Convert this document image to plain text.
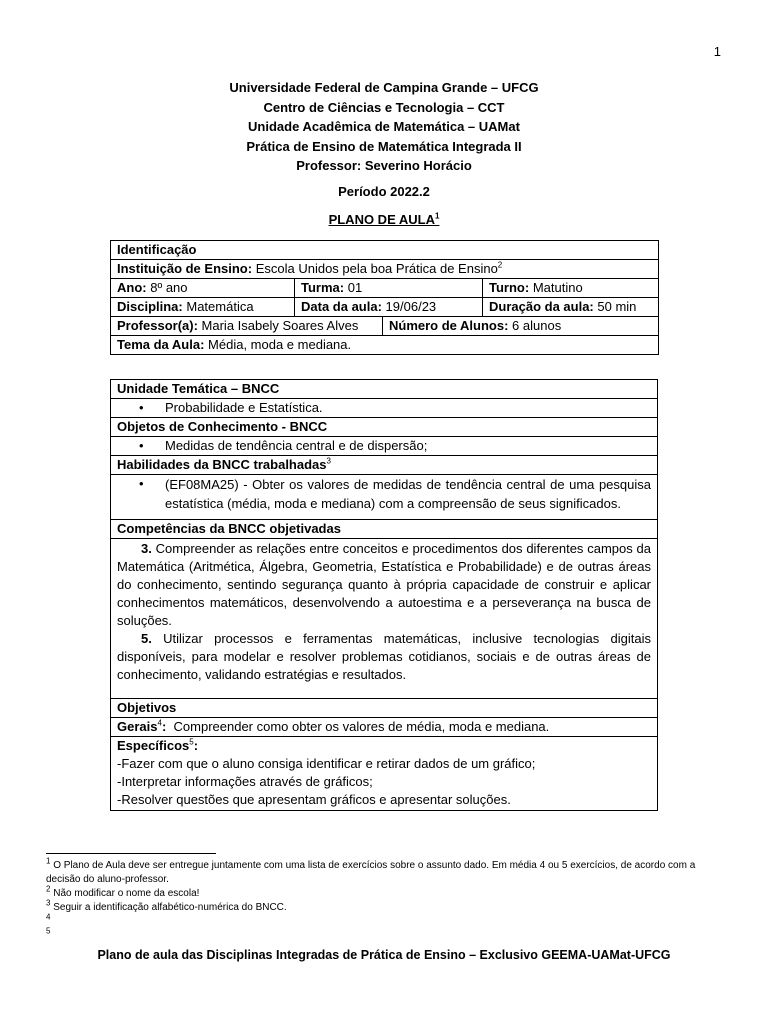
1
Universidade Federal de Campina Grande – UFCG
Centro de Ciências e Tecnologia – CCT
Unidade Acadêmica de Matemática – UAMat
Prática de Ensino de Matemática Integrada II
Professor: Severino Horácio
Período 2022.2
PLANO DE AULA$^1$
Identificação			
Instituição de Ensino: Escola Unidos pela boa Prática de Ensino$^2$
Ano: 8º ano	Turma: 01		Turno: Matutino
Disciplina: Matemática	Data da aula: 19/06/23		Duração da aula: 50 min
Professor(a): Maria Isabely Soares Alves		Número de Alunos: 6 alunos	
Tema da Aula: Média, moda e mediana.			
Unidade Temática – BNCC

• Probabilidade e Estatística.

Objetos de Conhecimento - BNCC

• Medidas de tendência central e de dispersão;

Habilidades da BNCC trabalhadas$^3$

• (EF08MA25) - Obter os valores de medidas de tendência central de uma pesquisa estatística (média, moda e mediana) com a compreensão de seus significados.

Competências da BNCC objetivadas

3. Compreender as relações entre conceitos e procedimentos dos diferentes campos da Matemática (Aritmética, Álgebra, Geometria, Estatística e Probabilidade) e de outras áreas do conhecimento, sentindo segurança quanto à própria capacidade de construir e aplicar conhecimentos matemáticos, desenvolvendo a autoestima e a perseverança na busca de soluções.
5. Utilizar processos e ferramentas matemáticas, inclusive tecnologias digitais disponíveis, para modelar e resolver problemas cotidianos, sociais e de outras áreas de conhecimento, validando estratégias e resultados.

Objetivos
Gerais$^4$: Compreender como obter os valores de média, moda e mediana.

Específicos$^5$:
-Fazer com que o aluno consiga identificar e retirar dados de um gráfico;
-Interpretar informações através de gráficos;
-Resolver questões que apresentam gráficos e apresentar soluções.
$^1$ O Plano de Aula deve ser entregue juntamente com uma lista de exercícios sobre o assunto dado. Em média 4 ou 5 exercícios, de acordo com a decisão do aluno-professor.
$^2$ Não modificar o nome da escola!
$^3$ Seguir a identificação alfabético-numérica do BNCC.
$^4$
$^5$
Plano de aula das Disciplinas Integradas de Prática de Ensino – Exclusivo GEEMA-UAMat-UFCG
